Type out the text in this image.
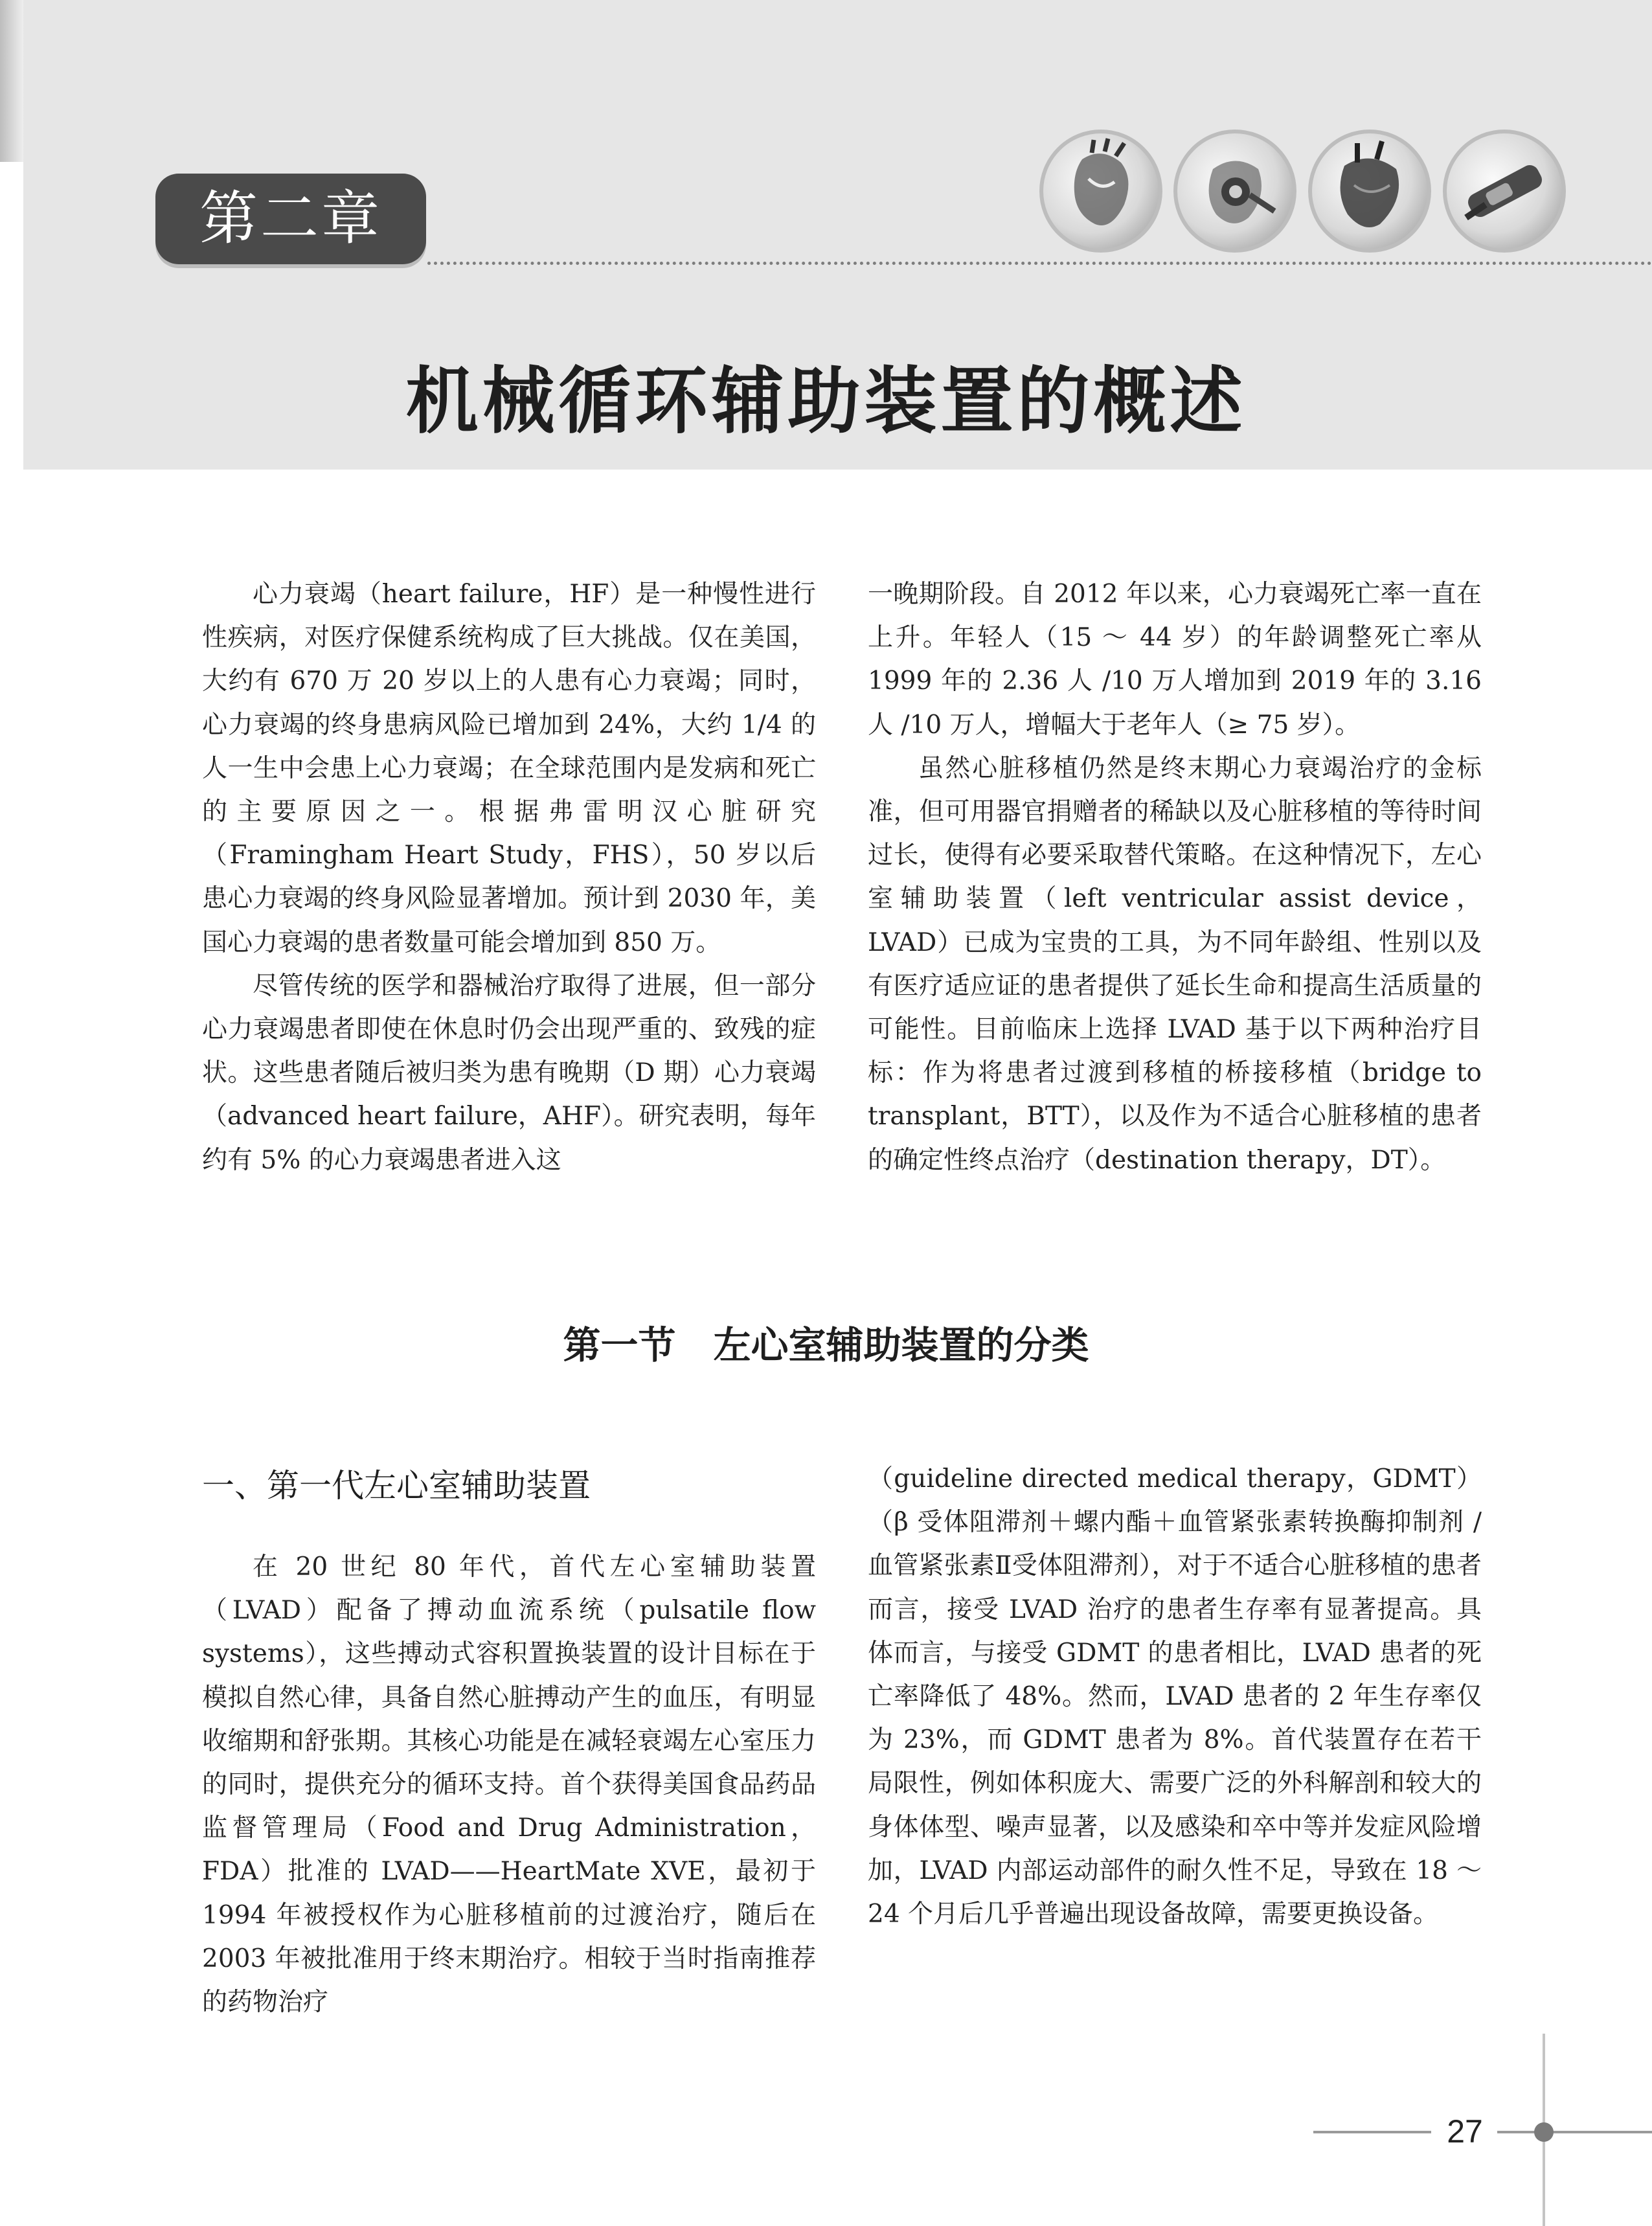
第二章
机械循环辅助装置的概述

心力衰竭（heart failure，HF）是一种慢性进行性疾病，对医疗保健系统构成了巨大挑战。仅在美国，大约有 670 万 20 岁以上的人患有心力衰竭；同时，心力衰竭的终身患病风险已增加到 24%，大约 1/4 的人一生中会患上心力衰竭；在全球范围内是发病和死亡的主要原因之一。根据弗雷明汉心脏研究（Framingham Heart Study，FHS），50 岁以后患心力衰竭的终身风险显著增加。预计到 2030 年，美国心力衰竭的患者数量可能会增加到 850 万。

尽管传统的医学和器械治疗取得了进展，但一部分心力衰竭患者即使在休息时仍会出现严重的、致残的症状。这些患者随后被归类为患有晚期（D 期）心力衰竭（advanced heart failure，AHF）。研究表明，每年约有 5% 的心力衰竭患者进入这

一晚期阶段。自 2012 年以来，心力衰竭死亡率一直在上升。年轻人（15 ～ 44 岁）的年龄调整死亡率从 1999 年的 2.36 人 /10 万人增加到 2019 年的 3.16 人 /10 万人，增幅大于老年人（≥ 75 岁）。

虽然心脏移植仍然是终末期心力衰竭治疗的金标准，但可用器官捐赠者的稀缺以及心脏移植的等待时间过长，使得有必要采取替代策略。在这种情况下，左心室辅助装置（left ventricular assist device，LVAD）已成为宝贵的工具，为不同年龄组、性别以及有医疗适应证的患者提供了延长生命和提高生活质量的可能性。目前临床上选择 LVAD 基于以下两种治疗目标：作为将患者过渡到移植的桥接移植（bridge to transplant，BTT），以及作为不适合心脏移植的患者的确定性终点治疗（destination therapy，DT）。

第一节　左心室辅助装置的分类
一、第一代左心室辅助装置

在 20 世纪 80 年代，首代左心室辅助装置（LVAD）配备了搏动血流系统（pulsatile flow systems），这些搏动式容积置换装置的设计目标在于模拟自然心律，具备自然心脏搏动产生的血压，有明显收缩期和舒张期。其核心功能是在减轻衰竭左心室压力的同时，提供充分的循环支持。首个获得美国食品药品监督管理局（Food and Drug Administration，FDA）批准的 LVAD——HeartMate XVE，最初于 1994 年被授权作为心脏移植前的过渡治疗，随后在 2003 年被批准用于终末期治疗。相较于当时指南推荐的药物治疗

（guideline directed medical therapy，GDMT）（β 受体阻滞剂＋螺内酯＋血管紧张素转换酶抑制剂 / 血管紧张素Ⅱ受体阻滞剂），对于不适合心脏移植的患者而言，接受 LVAD 治疗的患者生存率有显著提高。具体而言，与接受 GDMT 的患者相比，LVAD 患者的死亡率降低了 48%。然而，LVAD 患者的 2 年生存率仅为 23%，而 GDMT 患者为 8%。首代装置存在若干局限性，例如体积庞大、需要广泛的外科解剖和较大的身体体型、噪声显著，以及感染和卒中等并发症风险增加，LVAD 内部运动部件的耐久性不足，导致在 18 ～ 24 个月后几乎普遍出现设备故障，需要更换设备。

27
